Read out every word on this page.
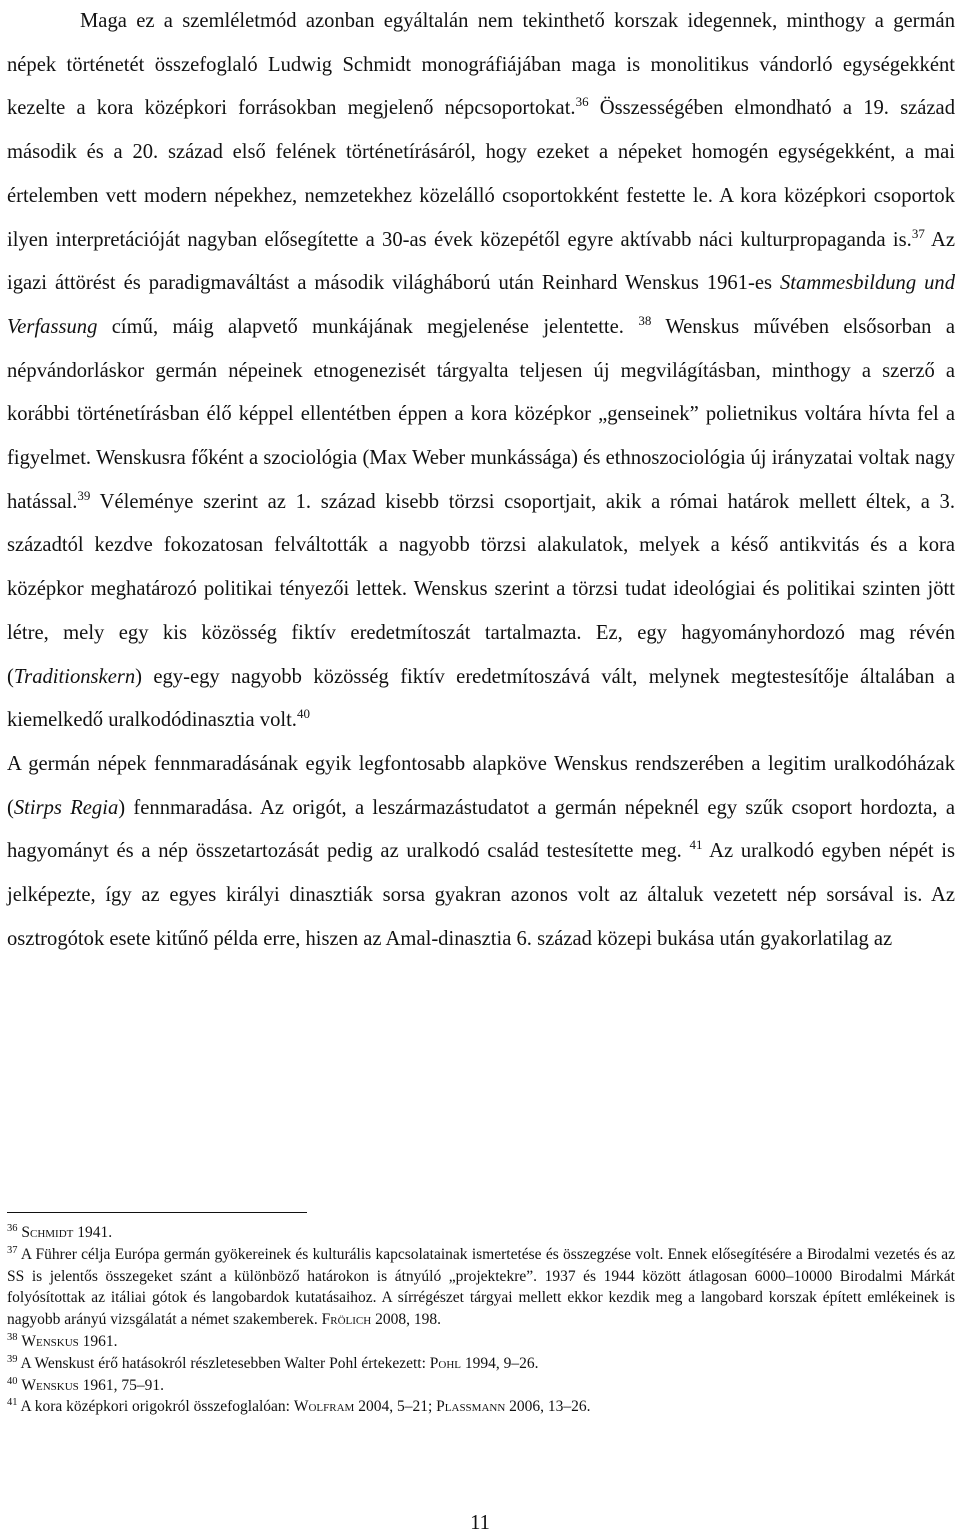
Maga ez a szemléletmód azonban egyáltalán nem tekinthető korszak idegennek, minthogy a germán népek történetét összefoglaló Ludwig Schmidt monográfiájában maga is monolitikus vándorló egységekként kezelte a kora középkori forrásokban megjelenő népcsoportokat.$^{36}$ Összességében elmondható a 19. század második és a 20. század első felének történetírásáról, hogy ezeket a népeket homogén egységekként, a mai értelemben vett modern népekhez, nemzetekhez közelálló csoportokként festette le. A kora középkori csoportok ilyen interpretációját nagyban elősegítette a 30-as évek közepétől egyre aktívabb náci kulturpropaganda is.$^{37}$ Az igazi áttörést és paradigmaváltást a második világháború után Reinhard Wenskus 1961-es Stammesbildung und Verfassung című, máig alapvető munkájának megjelenése jelentette. $^{38}$ Wenskus művében elsősorban a népvándorláskor germán népeinek etnogenezisét tárgyalta teljesen új megvilágításban, minthogy a szerző a korábbi történetírásban élő képpel ellentétben éppen a kora középkor „genseinek” polietnikus voltára hívta fel a figyelmet. Wenskusra főként a szociológia (Max Weber munkássága) és ethnoszociológia új irányzatai voltak nagy hatással.$^{39}$ Véleménye szerint az 1. század kisebb törzsi csoportjait, akik a római határok mellett éltek, a 3. századtól kezdve fokozatosan felváltották a nagyobb törzsi alakulatok, melyek a késő antikvitás és a kora középkor meghatározó politikai tényezői lettek. Wenskus szerint a törzsi tudat ideológiai és politikai szinten jött létre, mely egy kis közösség fiktív eredetmítoszát tartalmazta. Ez, egy hagyományhordozó mag révén (Traditionskern) egy-egy nagyobb közösség fiktív eredetmítoszává vált, melynek megtestesítője általában a kiemelkedő uralkodódinasztia volt.$^{40}$

A germán népek fennmaradásának egyik legfontosabb alapköve Wenskus rendszerében a legitim uralkodóházak (Stirps Regia) fennmaradása. Az origót, a leszármazástudatot a germán népeknél egy szűk csoport hordozta, a hagyományt és a nép összetartozását pedig az uralkodó család testesítette meg. $^{41}$ Az uralkodó egyben népét is jelképezte, így az egyes királyi dinasztiák sorsa gyakran azonos volt az általuk vezetett nép sorsával is. Az osztrogótok esete kitűnő példa erre, hiszen az Amal-dinasztia 6. század közepi bukása után gyakorlatilag az

$^{36}$ Schmidt 1941.

$^{37}$ A Führer célja Európa germán gyökereinek és kulturális kapcsolatainak ismertetése és összegzése volt. Ennek elősegítésére a Birodalmi vezetés és az SS is jelentős összegeket szánt a különböző határokon is átnyúló „projektekre”. 1937 és 1944 között átlagosan 6000–10000 Birodalmi Márkát folyósítottak az itáliai gótok és langobardok kutatásaihoz. A sírrégészet tárgyai mellett ekkor kezdik meg a langobard korszak épített emlékeinek is nagyobb arányú vizsgálatát a német szakemberek. Frölich 2008, 198.

$^{38}$ Wenskus 1961.

$^{39}$ A Wenskust érő hatásokról részletesebben Walter Pohl értekezett: Pohl 1994, 9–26.

$^{40}$ Wenskus 1961, 75–91.

$^{41}$ A kora középkori origokról összefoglalóan: Wolfram 2004, 5–21; Plassmann 2006, 13–26.

11
